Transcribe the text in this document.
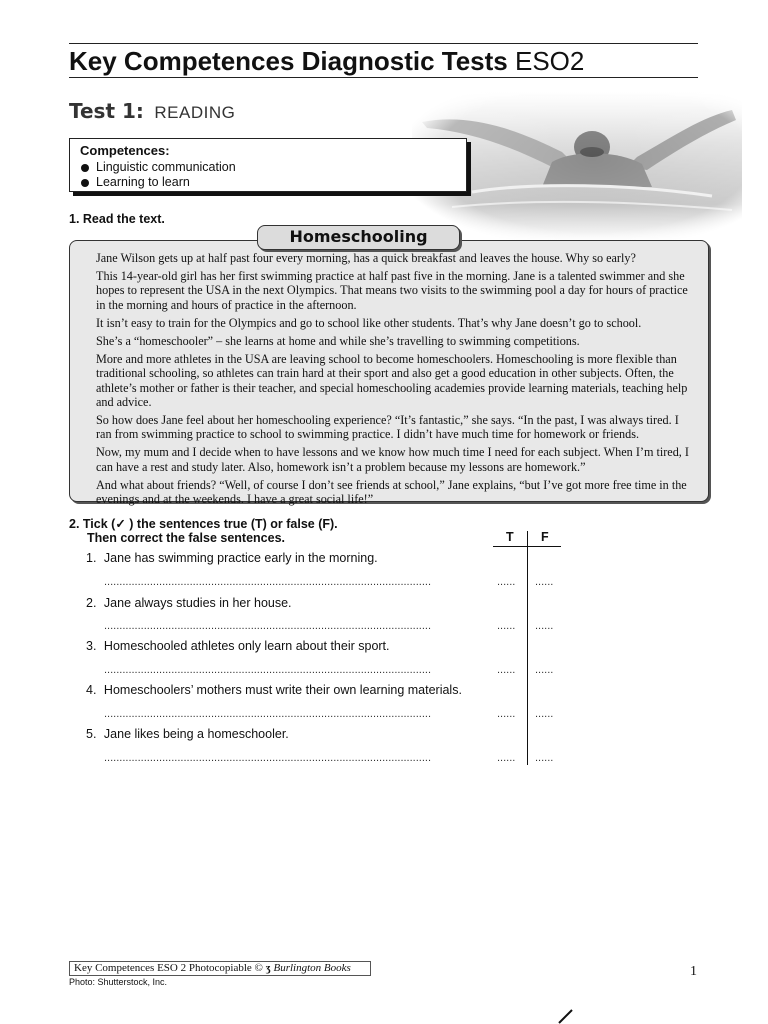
Key Competences Diagnostic Tests ESO2
Test 1: READING
Competences:
Linguistic communication
Learning to learn
1. Read the text.

Jane Wilson gets up at half past four every morning, has a quick breakfast and leaves the house. Why so early?

This 14-year-old girl has her first swimming practice at half past five in the morning. Jane is a talented swimmer and she hopes to represent the USA in the next Olympics. That means two visits to the swimming pool a day for hours of practice in the morning and hours of practice in the afternoon.

It isn’t easy to train for the Olympics and go to school like other students. That’s why Jane doesn’t go to school.

She’s a “homeschooler” – she learns at home and while she’s travelling to swimming competitions.

More and more athletes in the USA are leaving school to become homeschoolers. Homeschooling is more flexible than traditional schooling, so athletes can train hard at their sport and also get a good education in other subjects. Often, the athlete’s mother or father is their teacher, and special homeschooling academies provide learning materials, teaching help and advice.

So how does Jane feel about her homeschooling experience? “It’s fantastic,” she says. “In the past, I was always tired. I ran from swimming practice to school to swimming practice. I didn’t have much time for homework or friends.

Now, my mum and I decide when to have lessons and we know how much time I need for each subject. When I’m tired, I can have a rest and study later. Also, homework isn’t a problem because my lessons are homework.”

And what about friends? “Well, of course I don’t see friends at school,” Jane explains, “but I’ve got more free time in the evenings and at the weekends. I have a great social life!”

Homeschooling
2. Tick (✓ ) the sentences true (T) or false (F).
Then correct the false sentences.	T F
1. Jane has swimming practice early in the morning.
...........................................................................................................	...... ......
2. Jane always studies in her house.
...........................................................................................................	...... ......
3. Homeschooled athletes only learn about their sport.
...........................................................................................................	...... ......
4. Homeschoolers’ mothers must write their own learning materials.
...........................................................................................................	...... ......
5. Jane likes being a homeschooler.
...........................................................................................................	...... ......
Key Competences ESO 2 Photocopiable © ʒ Burlington Books
Photo: Shutterstock, Inc.
1
